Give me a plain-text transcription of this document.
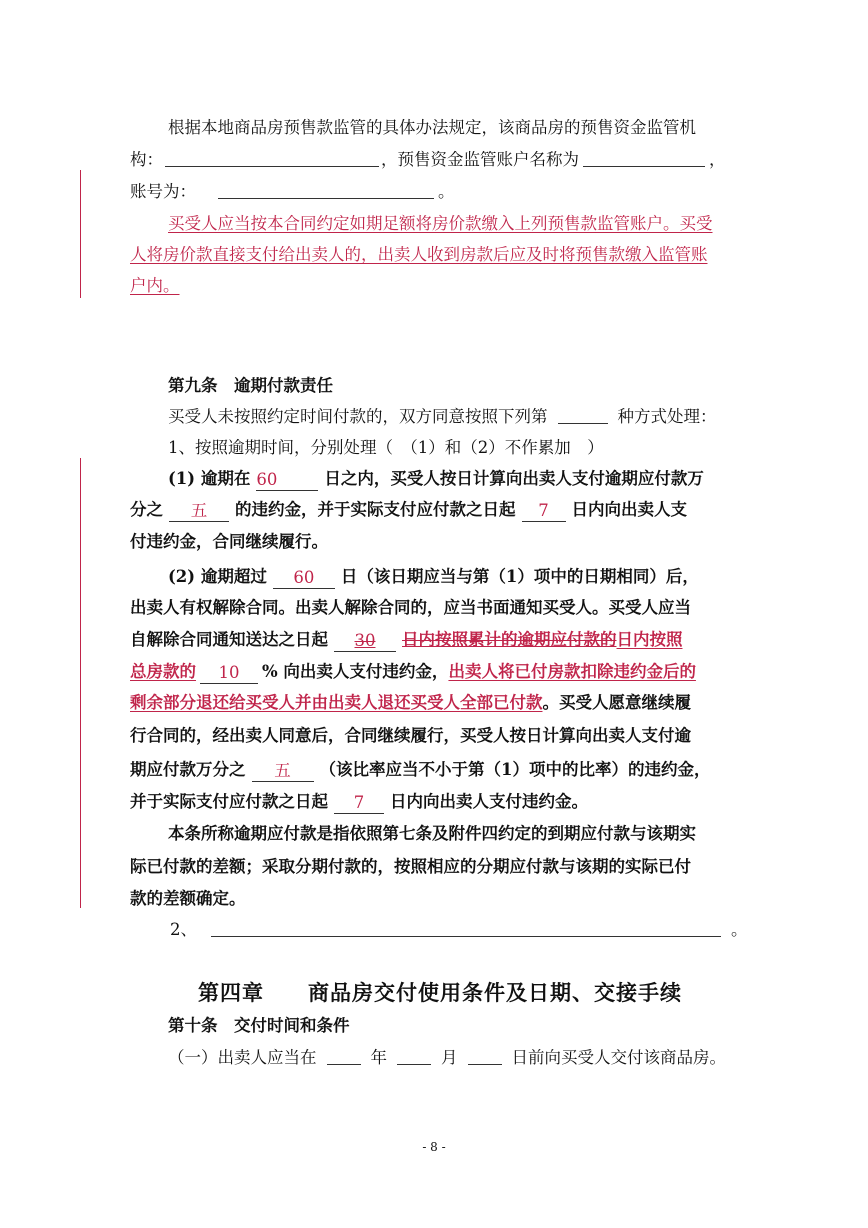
根据本地商品房预售款监管的具体办法规定，该商品房的预售资金监管机
构：	，预售资金监管账户名称为	，
账号为：	。
买受人应当按本合同约定如期足额将房价款缴入上列预售款监管账户。买受
人将房价款直接支付给出卖人的，出卖人收到房款后应及时将预售款缴入监管账
户内。
第九条　逾期付款责任
买受人未按照约定时间付款的，双方同意按照下列第	种方式处理：
1、按照逾期时间，分别处理（　（1）和（2）不作累加　）
(1) 逾期在 60	日之内，买受人按日计算向出卖人支付逾期应付款万
分之 五 的违约金，并于实际支付应付款之日起 7 日内向出卖人支
付违约金，合同继续履行。
(2) 逾期超过 60 日（该日期应当与第（1）项中的日期相同）后，
出卖人有权解除合同。出卖人解除合同的，应当书面通知买受人。买受人应当
自解除合同通知送达之日起 30 日内按照累计的逾期应付款的日内按照
总房款的 10 % 向出卖人支付违约金，出卖人将已付房款扣除违约金后的
剩余部分退还给买受人并由出卖人退还买受人全部已付款。买受人愿意继续履
行合同的，经出卖人同意后，合同继续履行，买受人按日计算向出卖人支付逾
期应付款万分之 五 （该比率应当不小于第（1）项中的比率）的违约金，
并于实际支付应付款之日起 7 日内向出卖人支付违约金。
本条所称逾期应付款是指依照第七条及附件四约定的到期应付款与该期实
际已付款的差额；采取分期付款的，按照相应的分期应付款与该期的实际已付
款的差额确定。
2、	。
第四章　　商品房交付使用条件及日期、交接手续
第十条　交付时间和条件
（一）出卖人应当在	年	月	日前向买受人交付该商品房。
- 8 -
